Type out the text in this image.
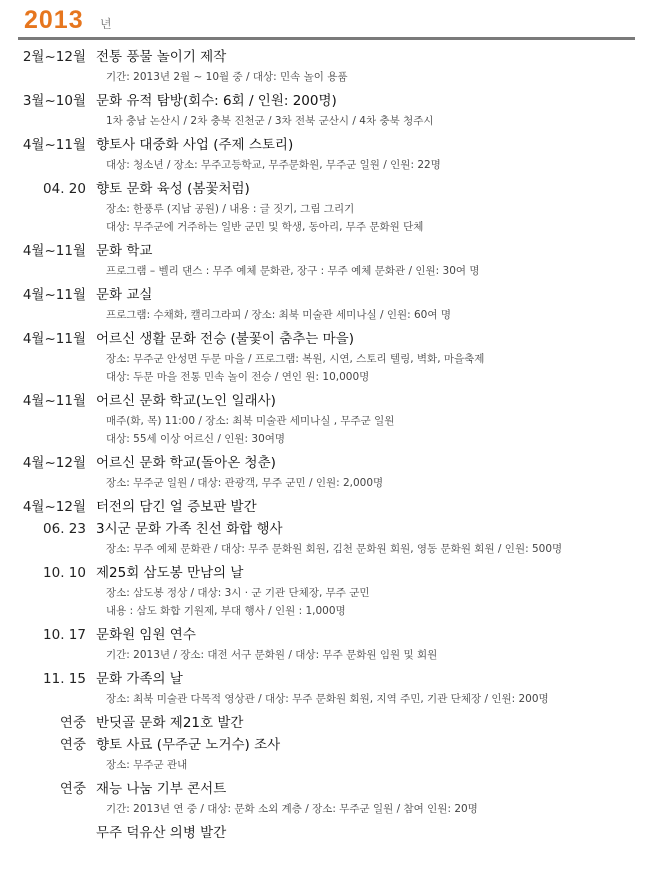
2013 년
2월~12월 전통 풍물 놀이기 제작
기간: 2013년 2월 ~ 10월 중 / 대상: 민속 놀이 용품
3월~10월 문화 유적 탐방(회수: 6회 / 인원: 200명)
1차 충남 논산시 / 2차 충북 진천군 / 3차 전북 군산시 / 4차 충북 청주시
4월~11월 향토사 대중화 사업 (주제 스토리)
대상: 청소년 / 장소: 무주고등학교, 무주문화원, 무주군 일원 / 인원: 22명
04. 20 향토 문화 육성 (봄꽃처럼)
장소: 한풍루 (지남 공원) / 내용 : 글 짓기, 그림 그리기
대상: 무주군에 거주하는 일반 군민 및 학생, 동아리, 무주 문화원 단체
4월~11월 문화 학교
프로그램 – 벨리 댄스 : 무주 예체 문화관, 장구 : 무주 예체 문화관 / 인원: 30여 명
4월~11월 문화 교실
프로그램: 수채화, 캘리그라피 / 장소: 최북 미술관 세미나실 / 인원: 60여 명
4월~11월 어르신 생활 문화 전승 (불꽃이 춤추는 마을)
장소: 무주군 안성면 두문 마을 / 프로그램: 복원, 시연, 스토리 텔링, 벽화, 마을축제
대상: 두문 마을 전통 민속 놀이 전승 / 연인 원: 10,000명
4월~11월 어르신 문화 학교(노인 일래사)
매주(화, 목) 11:00 / 장소: 최북 미술관 세미나실 , 무주군 일원
대상: 55세 이상 어르신 / 인원: 30여명
4월~12월 어르신 문화 학교(돌아온 청춘)
장소: 무주군 일원 / 대상: 관광객, 무주 군민 / 인원: 2,000명
4월~12월 터전의 담긴 얼 증보판 발간
06. 23 3시군 문화 가족 친선 화합 행사
장소: 무주 예체 문화관 / 대상: 무주 문화원 회원, 김천 문화원 회원, 영동 문화원 회원 / 인원: 500명
10. 10 제25회 삼도봉 만남의 날
장소: 삼도봉 정상 / 대상: 3시 · 군 기관 단체장, 무주 군민
내용 : 삼도 화합 기원제, 부대 행사 / 인원 : 1,000명
10. 17 문화원 임원 연수
기간: 2013년 / 장소: 대전 서구 문화원 / 대상: 무주 문화원 임원 및 회원
11. 15 문화 가족의 날
장소: 최북 미술관 다목적 영상관 / 대상: 무주 문화원 회원, 지역 주민, 기관 단체장 / 인원: 200명
연중 반딧골 문화 제21호 발간
연중 향토 사료 (무주군 노거수) 조사
장소: 무주군 관내
연중 재능 나눔 기부 콘서트
기간: 2013년 연 중 / 대상: 문화 소외 계층 / 장소: 무주군 일원 / 참여 인원: 20명
무주 덕유산 의병 발간
